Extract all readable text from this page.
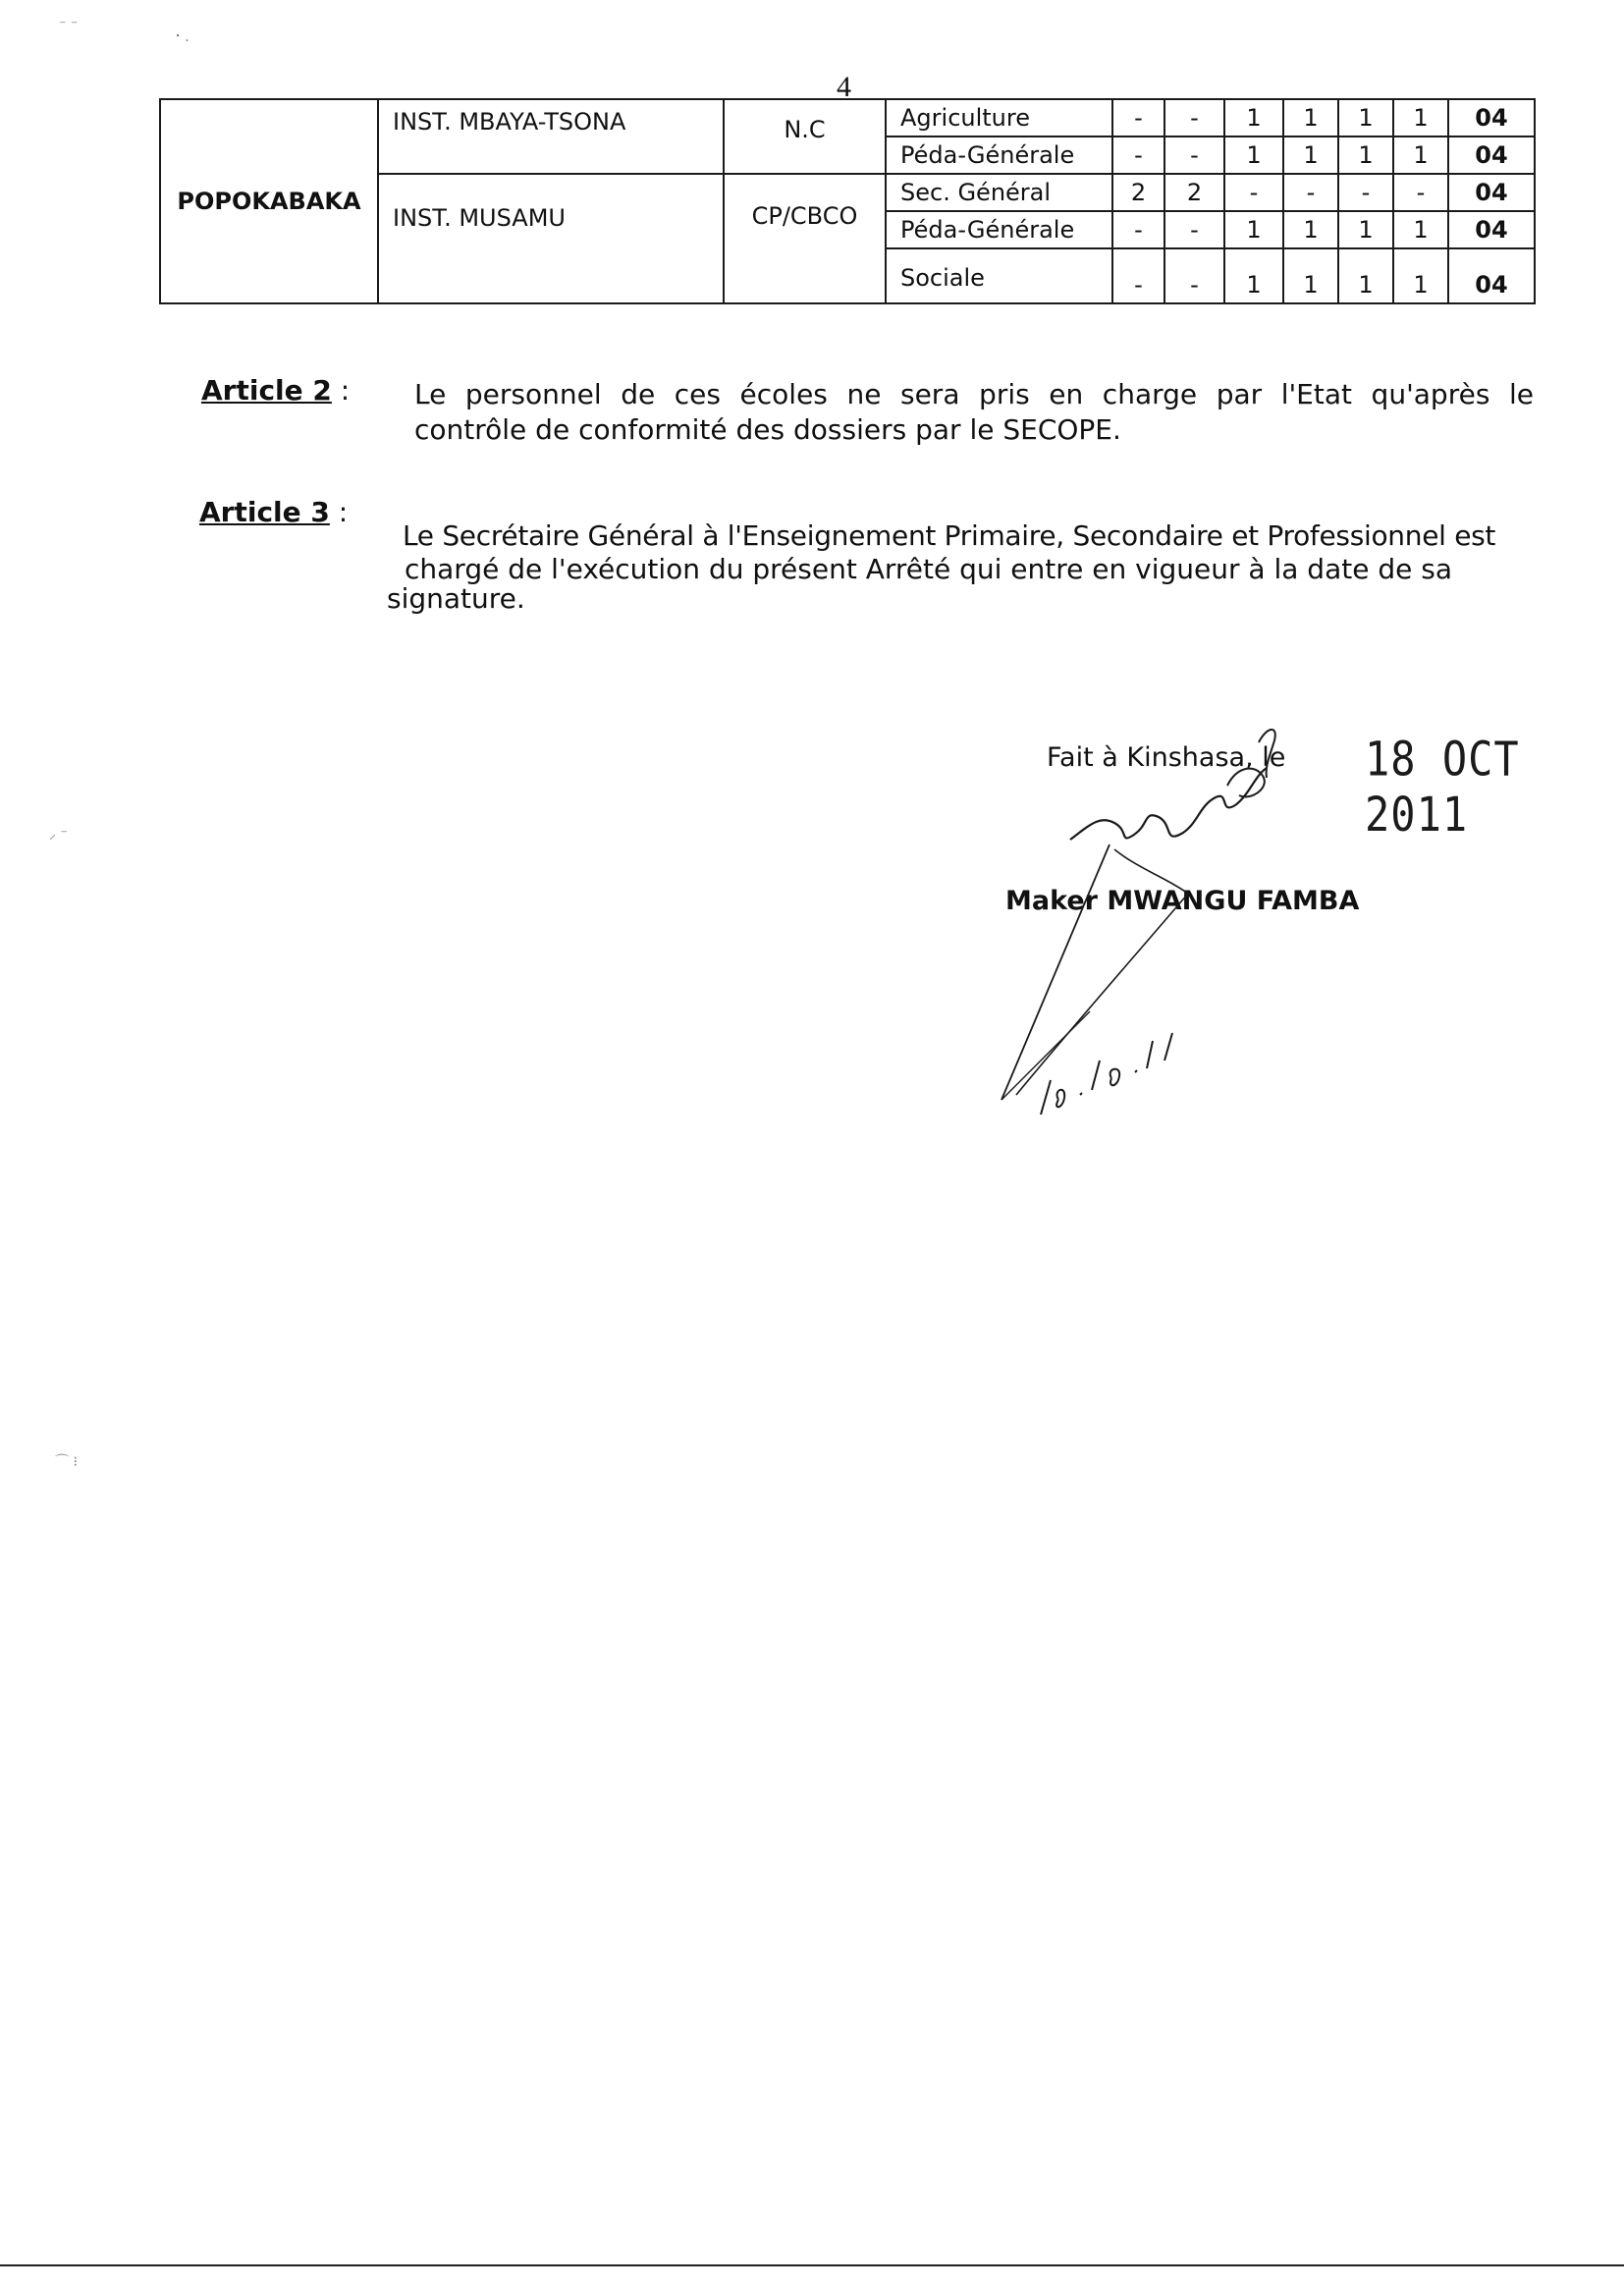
4
POPOKABAKA	INST. MBAYA-TSONA	N.C	Agriculture	-	-	1	1	1	1	04
			Péda-Générale	-	-	1	1	1	1	04
	INST. MUSAMU	CP/CBCO	Sec. Général	2	2	-	-	-	-	04
			Péda-Générale	-	-	1	1	1	1	04
			Sociale	-	-	1	1	1	1	04
Article 2 : Le personnel de ces écoles ne sera pris en charge par l'Etat qu'après le
contrôle de conformité des dossiers par le SECOPE.
Article 3 :
Le Secrétaire Général à l'Enseignement Primaire, Secondaire et Professionnel est
chargé de l'exécution du présent Arrêté qui entre en vigueur à la date de sa
signature.
Fait à Kinshasa, le 18 OCT 2011
Maker MWANGU FAMBA
⁻ ⁻
⠂.
⸝ ⁻
⌒ ⁝
